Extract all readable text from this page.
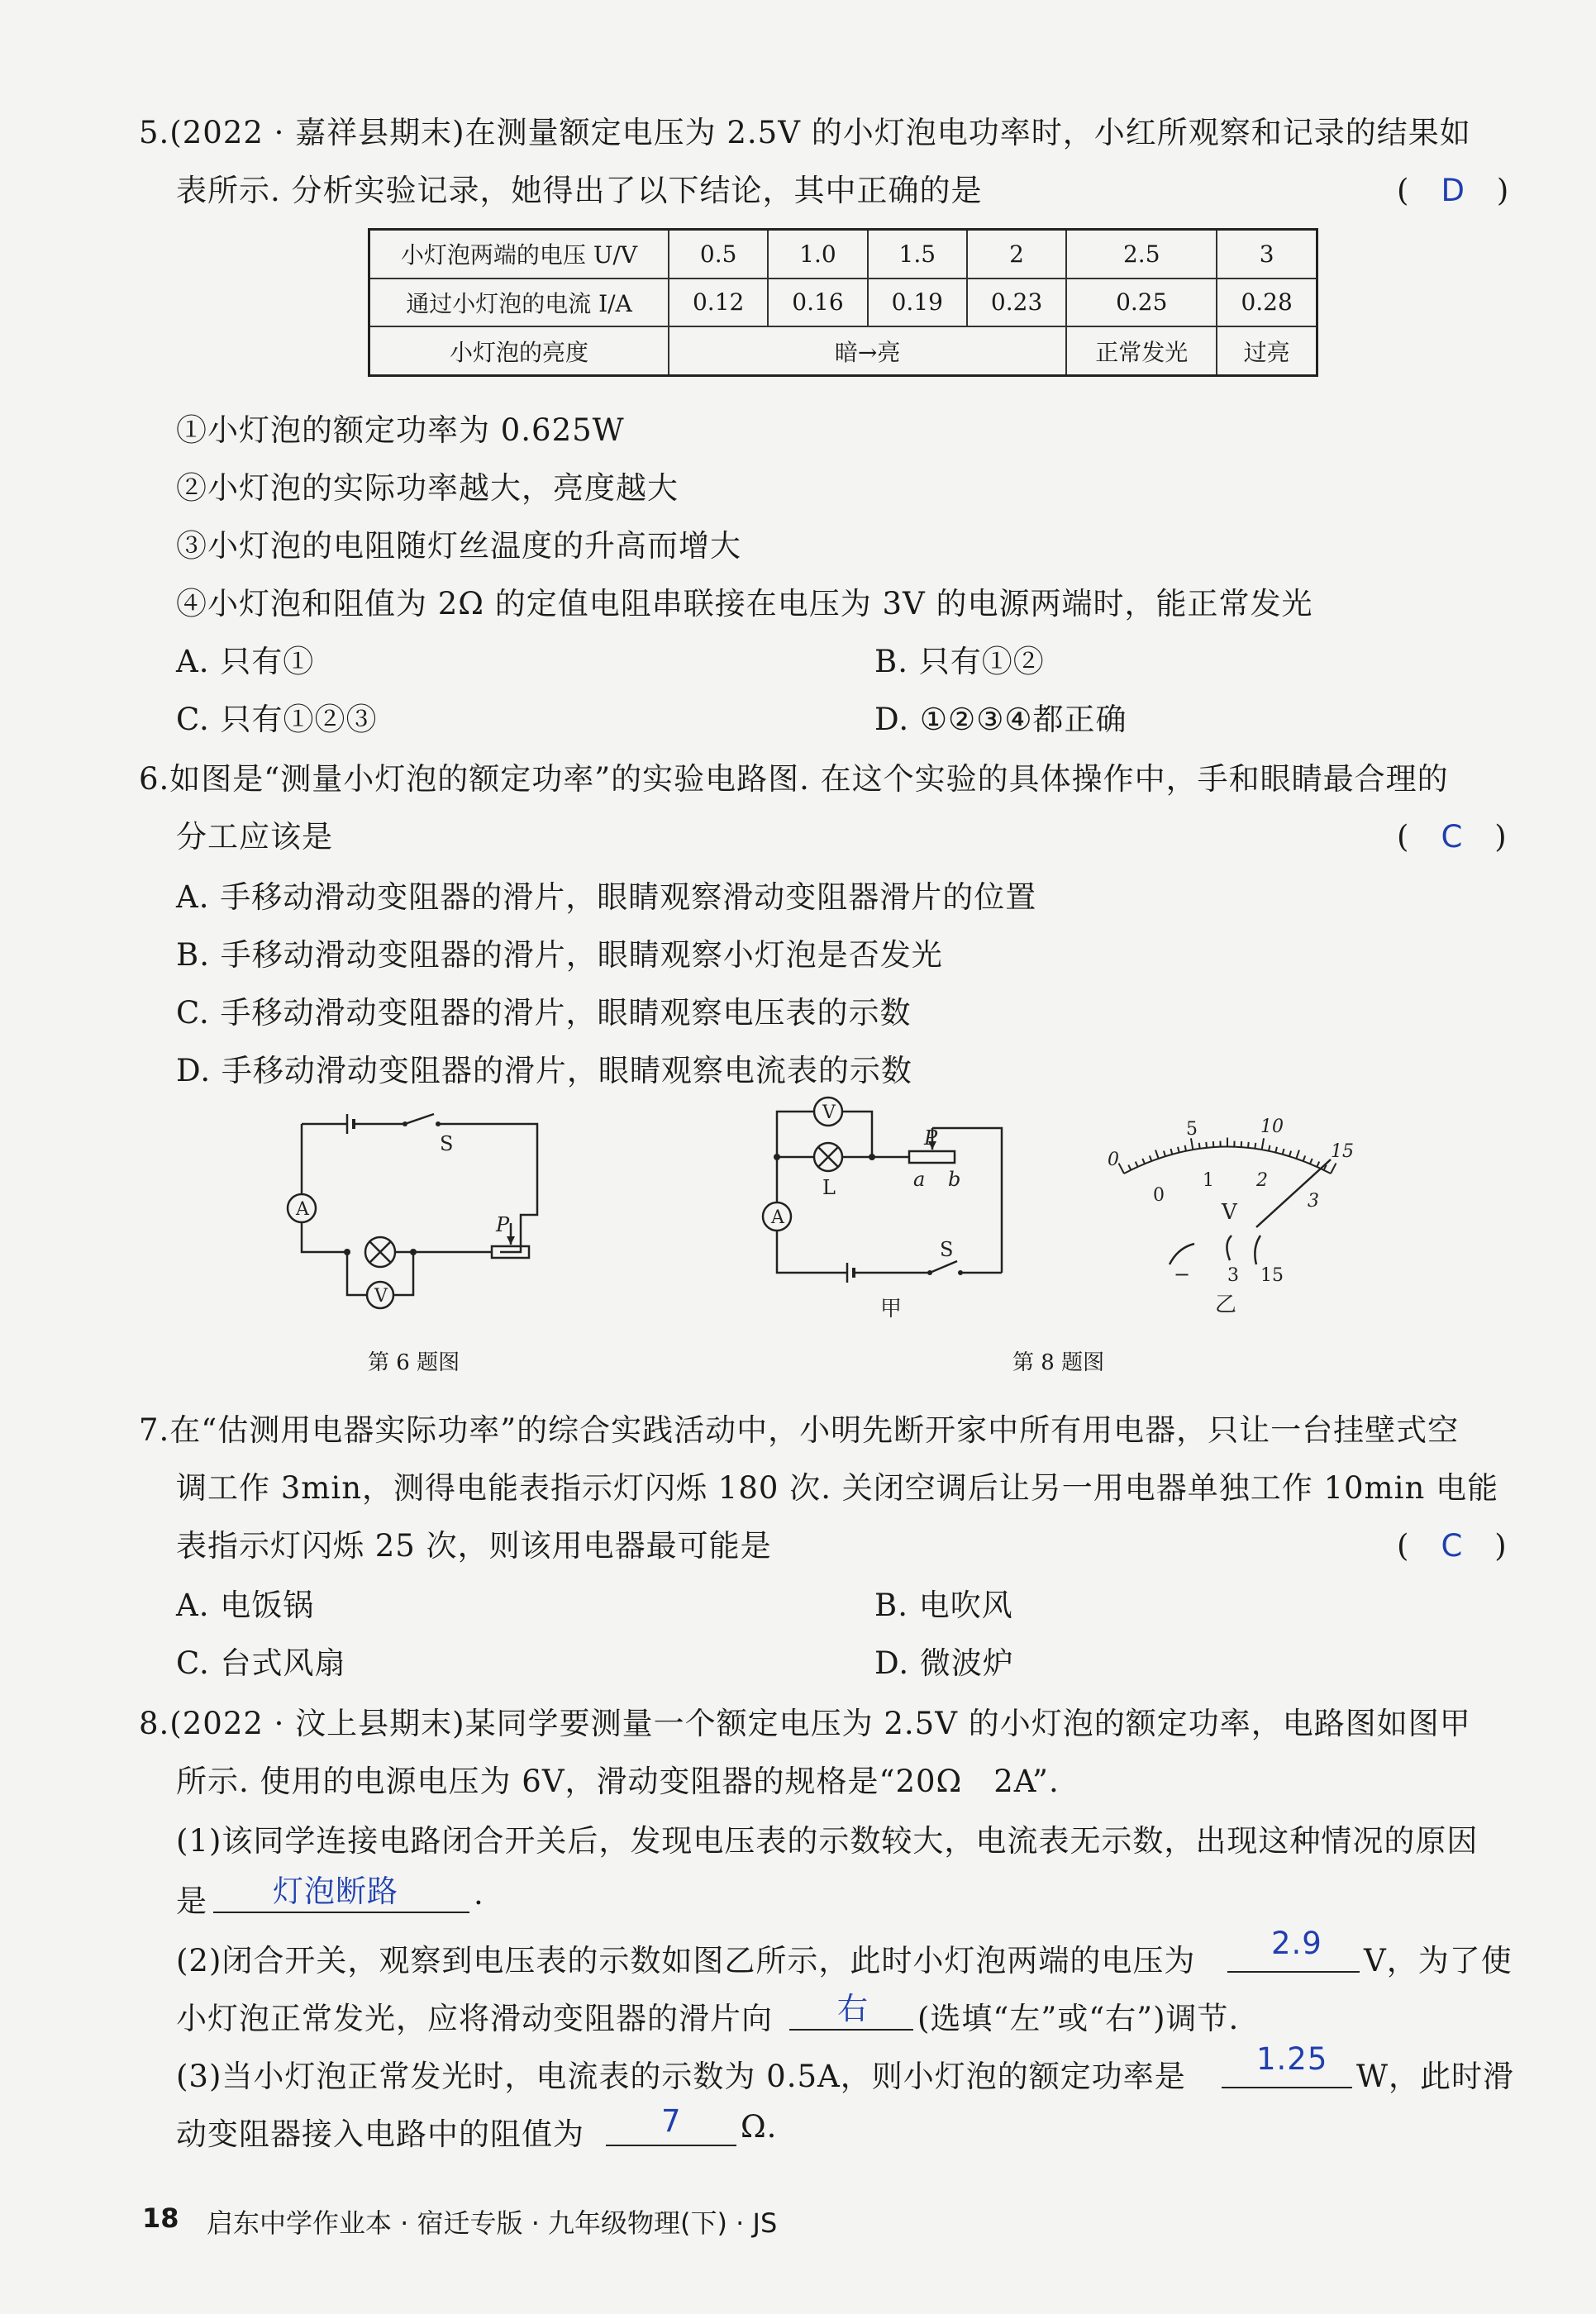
5.(2022 · 嘉祥县期末)在测量额定电压为 2.5V 的小灯泡电功率时，小红所观察和记录的结果如
表所示. 分析实验记录，她得出了以下结论，其中正确的是	(　D　)
小灯泡两端的电压 U/V	0.5	1.0	1.5	2	2.5	3
通过小灯泡的电流 I/A	0.12	0.16	0.19	0.23	0.25	0.28
小灯泡的亮度	暗→亮				正常发光	过亮
①小灯泡的额定功率为 0.625W
②小灯泡的实际功率越大，亮度越大
③小灯泡的电阻随灯丝温度的升高而增大
④小灯泡和阻值为 2Ω 的定值电阻串联接在电压为 3V 的电源两端时，能正常发光
A. 只有①	B. 只有①②
C. 只有①②③	D. ①②③④都正确
6.如图是“测量小灯泡的额定功率”的实验电路图. 在这个实验的具体操作中，手和眼睛最合理的
分工应该是	(　C　)
A. 手移动滑动变阻器的滑片，眼睛观察滑动变阻器滑片的位置
B. 手移动滑动变阻器的滑片，眼睛观察小灯泡是否发光
C. 手移动滑动变阻器的滑片，眼睛观察电压表的示数
D. 手移动滑动变阻器的滑片，眼睛观察电流表的示数
S
A
V
P
第 6 题图
V
L
A
P
a b
S
甲
0
5	10
15
0
1 2
3
V
− 3 15
乙
第 8 题图
7.在“估测用电器实际功率”的综合实践活动中，小明先断开家中所有用电器，只让一台挂壁式空
调工作 3min，测得电能表指示灯闪烁 180 次. 关闭空调后让另一用电器单独工作 10min 电能
表指示灯闪烁 25 次，则该用电器最可能是	(　C　)
A. 电饭锅	B. 电吹风
C. 台式风扇	D. 微波炉
8.(2022 · 汶上县期末)某同学要测量一个额定电压为 2.5V 的小灯泡的额定功率，电路图如图甲
所示. 使用的电源电压为 6V，滑动变阻器的规格是“20Ω　2A”.
(1)该同学连接电路闭合开关后，发现电压表的示数较大，电流表无示数，出现这种情况的原因
是 灯泡断路 .
(2)闭合开关，观察到电压表的示数如图乙所示，此时小灯泡两端的电压为 2.9 V，为了使
小灯泡正常发光，应将滑动变阻器的滑片向 右 (选填“左”或“右”)调节.
(3)当小灯泡正常发光时，电流表的示数为 0.5A，则小灯泡的额定功率是 1.25 W，此时滑
动变阻器接入电路中的阻值为	7 Ω.
18 启东中学作业本 · 宿迁专版 · 九年级物理(下) · JS
